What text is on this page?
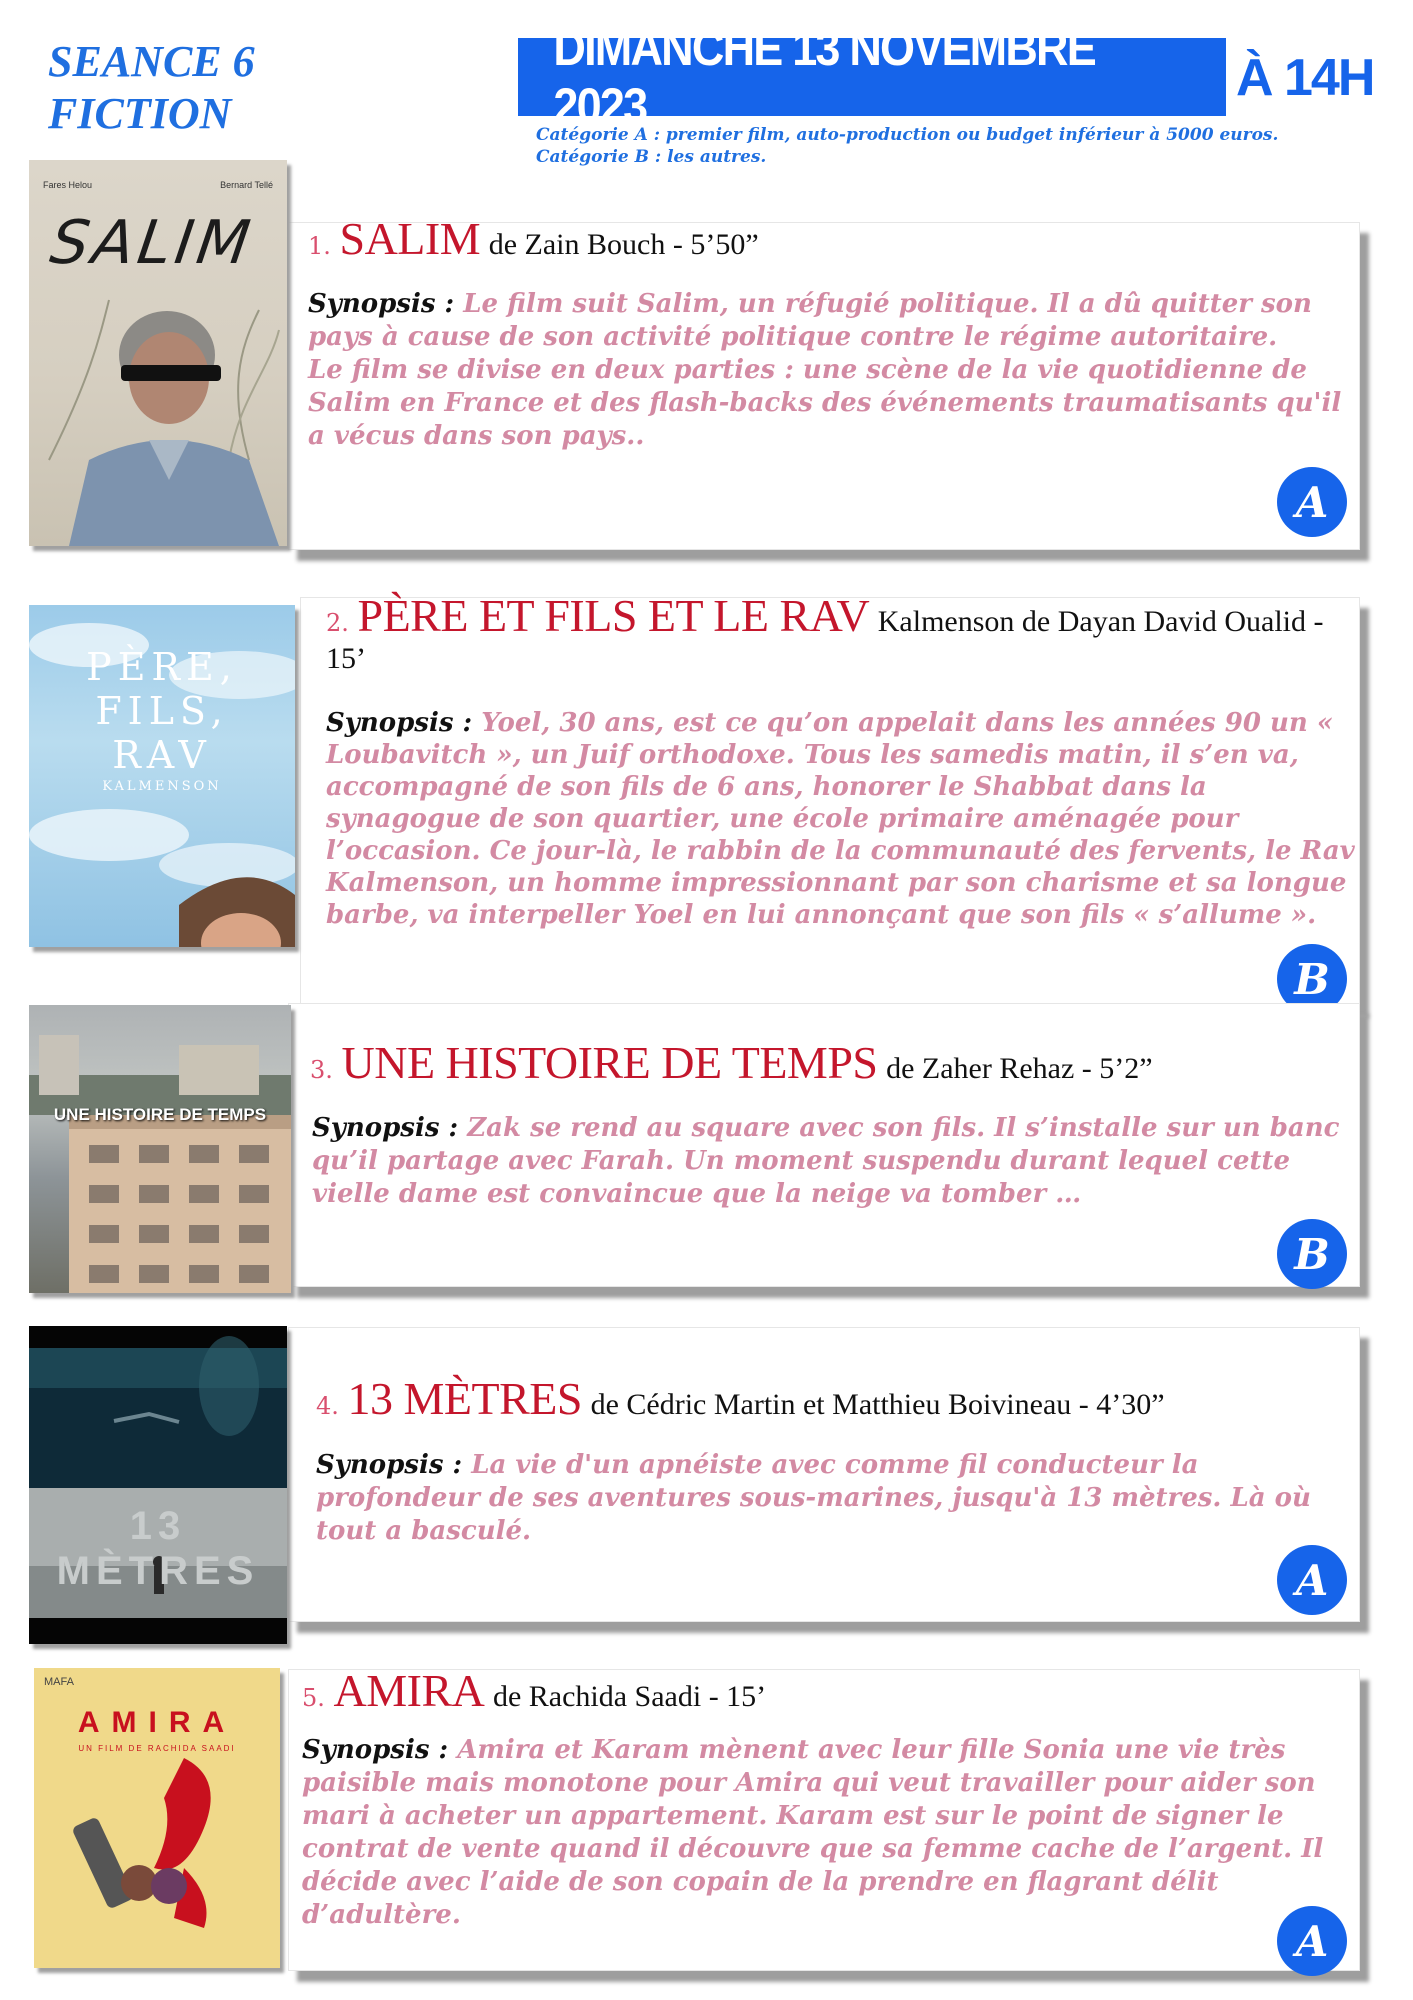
SEANCE 6
FICTION
DIMANCHE 13 NOVEMBRE 2023	À 14H
Catégorie A : premier film, auto-production ou budget inférieur à 5000 euros.
Catégorie B : les autres.
1. SALIM de Zain Bouch - 5’50”
Synopsis : Le film suit Salim, un réfugié politique. Il a dû quitter son pays à cause de son activité politique contre le régime autoritaire.
Le film se divise en deux parties : une scène de la vie quotidienne de Salim en France et des flash-backs des événements traumatisants qu'il a vécus dans son pays..
A
Fares Helou	Bernard Tellé
SALIM
2. PÈRE ET FILS ET LE RAV Kalmenson de Dayan David Oualid - 15’
Synopsis : Yoel, 30 ans, est ce qu’on appelait dans les années 90 un « Loubavitch », un Juif orthodoxe. Tous les samedis matin, il s’en va, accompagné de son fils de 6 ans, honorer le Shabbat dans la synagogue de son quartier, une école primaire aménagée pour l’occasion. Ce jour-là, le rabbin de la communauté des fervents, le Rav Kalmenson, un homme impressionnant par son charisme et sa longue barbe, va interpeller Yoel en lui annonçant que son fils « s’allume ».
B
PÈRE,
FILS,
RAV
KALMENSON
3. UNE HISTOIRE DE TEMPS de Zaher Rehaz - 5’2”
Synopsis : Zak se rend au square avec son fils. Il s’installe sur un banc qu’il partage avec Farah. Un moment suspendu durant lequel cette vielle dame est convaincue que la neige va tomber …
B
UNE HISTOIRE DE TEMPS
4. 13 MÈTRES de Cédric Martin et Matthieu Boivineau - 4’30”
Synopsis : La vie d'un apnéiste avec comme fil conducteur la profondeur de ses aventures sous-marines, jusqu'à 13 mètres. Là où tout a basculé.
A
13 MÈTRES
5. AMIRA de Rachida Saadi - 15’
Synopsis : Amira et Karam mènent avec leur fille Sonia une vie très paisible mais monotone pour Amira qui veut travailler pour aider son mari à acheter un appartement. Karam est sur le point de signer le contrat de vente quand il découvre que sa femme cache de l’argent. Il décide avec l’aide de son copain de la prendre en flagrant délit d’adultère.
A
MAFA
AMIRA
UN FILM DE RACHIDA SAADI
